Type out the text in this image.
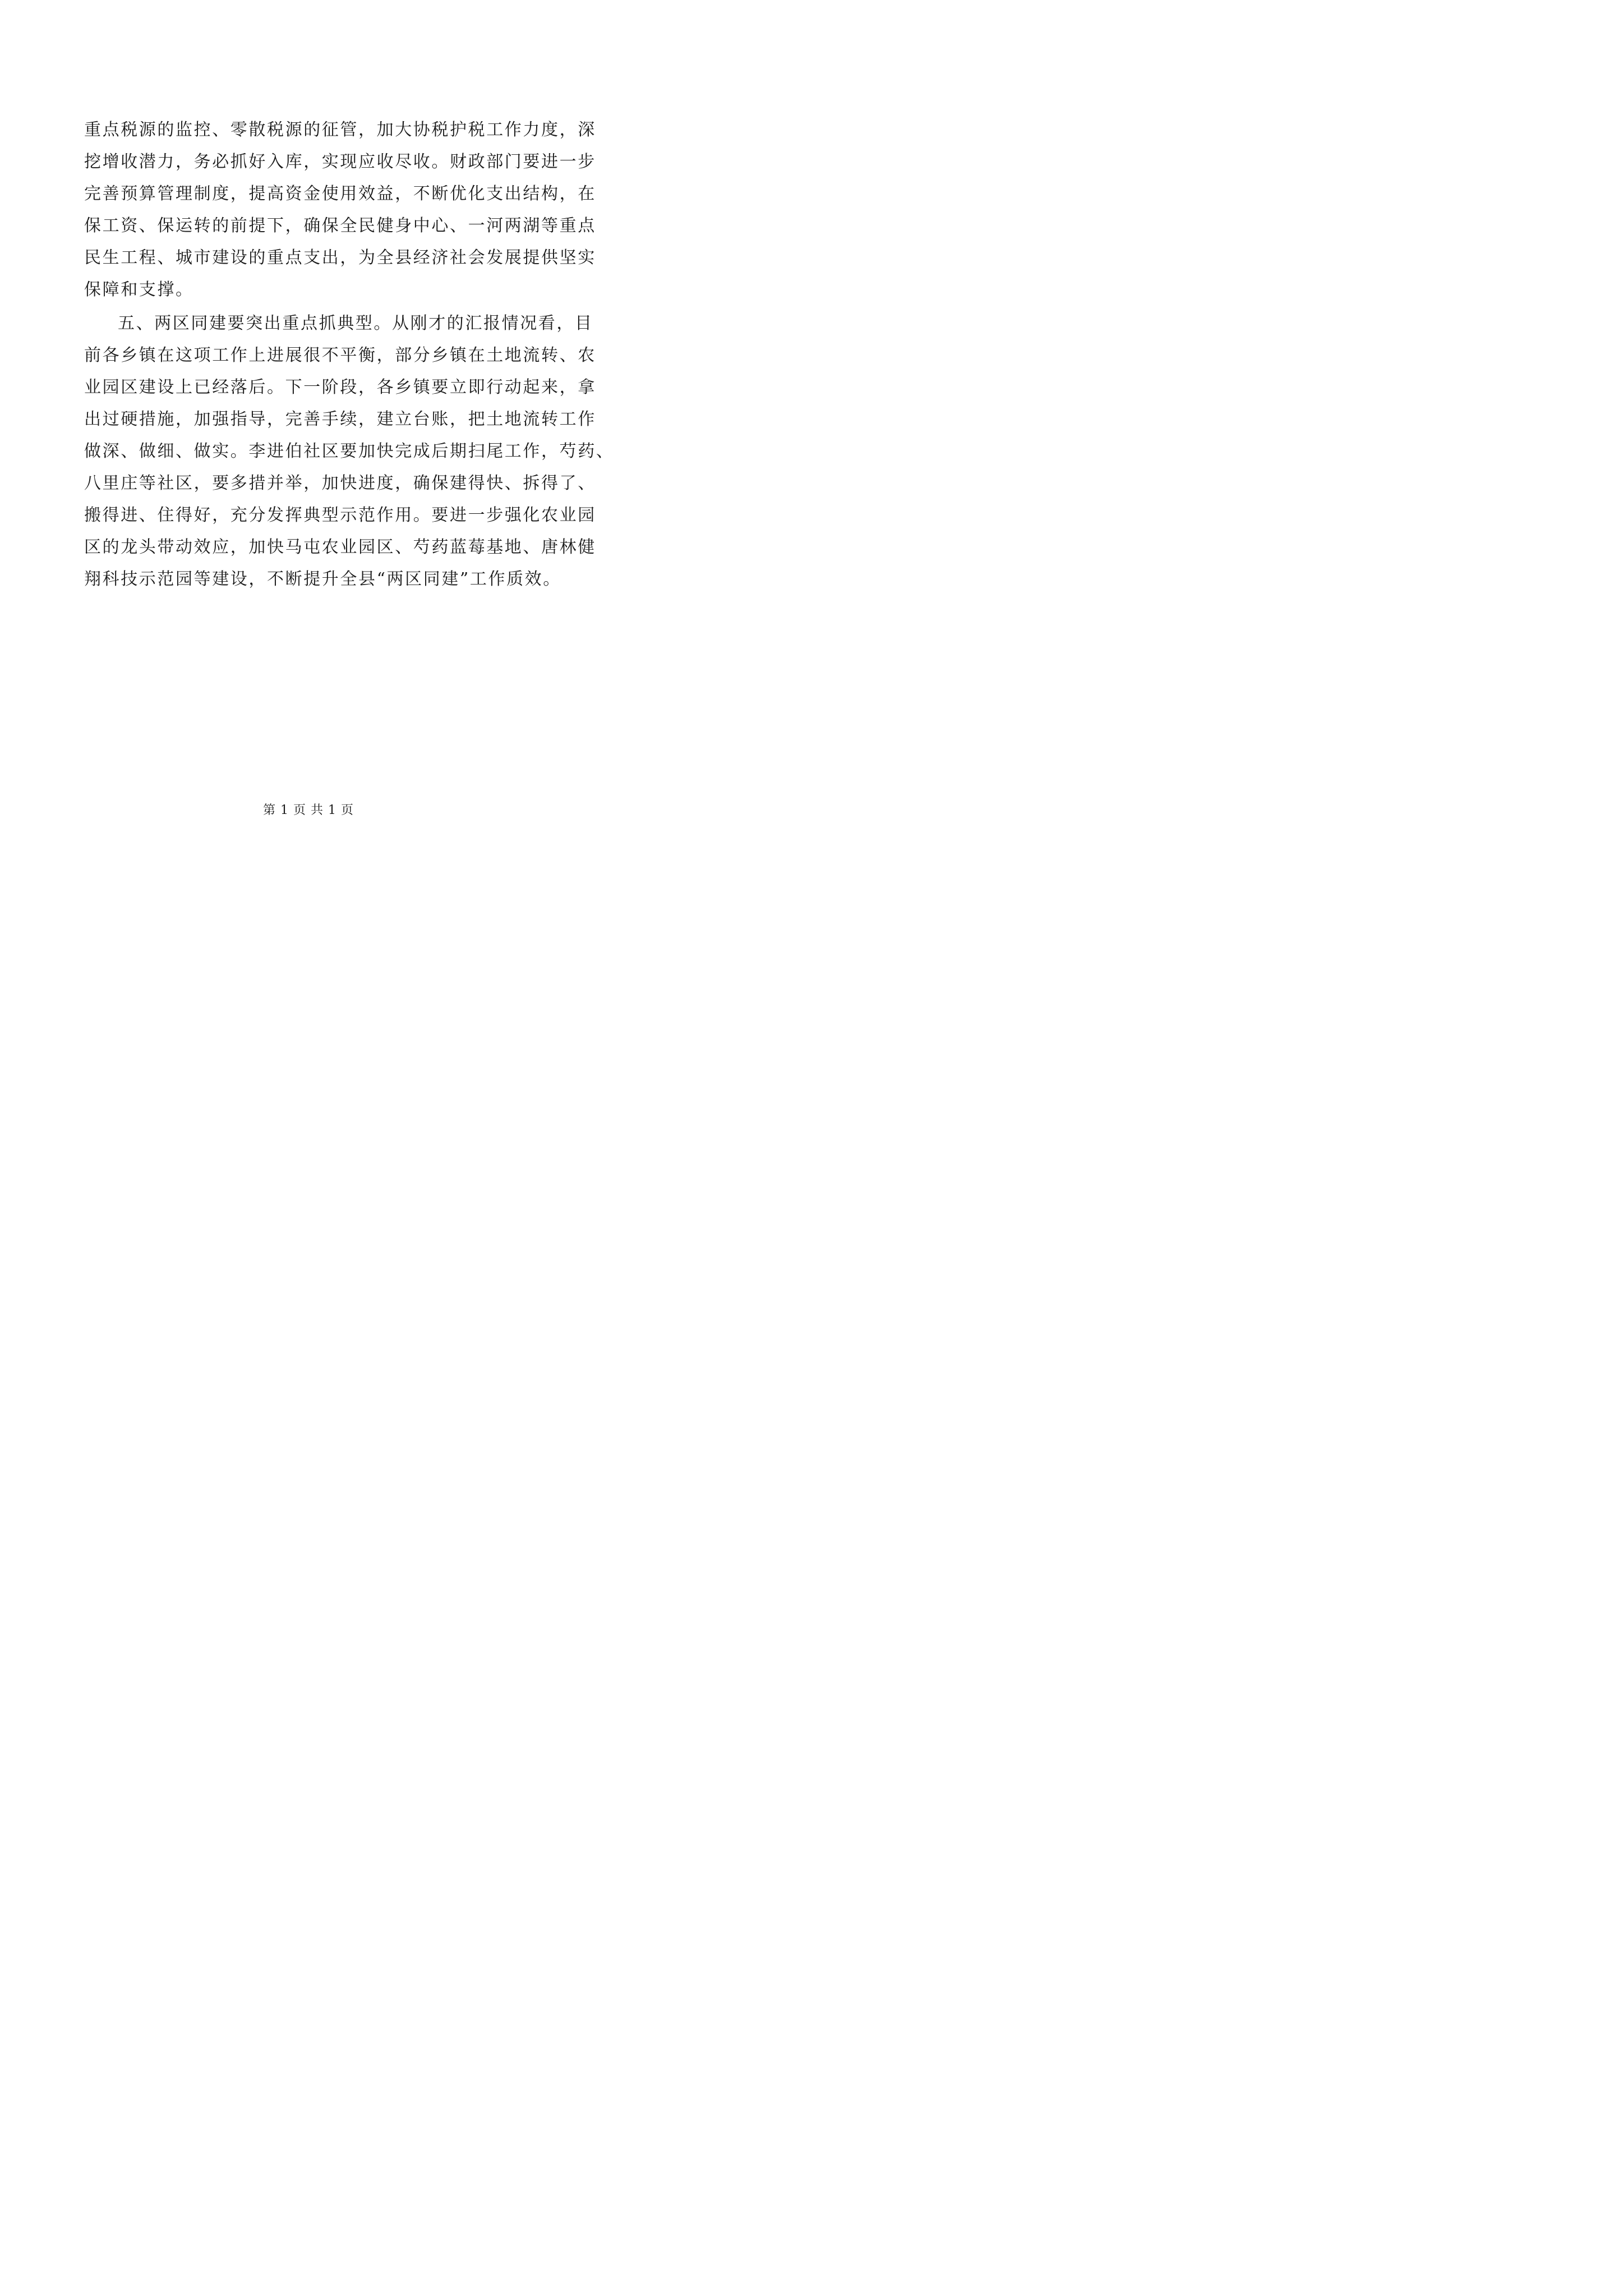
重点税源的监控、零散税源的征管，加大协税护税工作力度，深
挖增收潜力，务必抓好入库，实现应收尽收。财政部门要进一步
完善预算管理制度，提高资金使用效益，不断优化支出结构，在
保工资、保运转的前提下，确保全民健身中心、一河两湖等重点
民生工程、城市建设的重点支出，为全县经济社会发展提供坚实
保障和支撑。
五、两区同建要突出重点抓典型。从刚才的汇报情况看，目
前各乡镇在这项工作上进展很不平衡，部分乡镇在土地流转、农
业园区建设上已经落后。下一阶段，各乡镇要立即行动起来，拿
出过硬措施，加强指导，完善手续，建立台账，把土地流转工作
做深、做细、做实。李进伯社区要加快完成后期扫尾工作，芍药、
八里庄等社区，要多措并举，加快进度，确保建得快、拆得了、
搬得进、住得好，充分发挥典型示范作用。要进一步强化农业园
区的龙头带动效应，加快马屯农业园区、芍药蓝莓基地、唐林健
翔科技示范园等建设，不断提升全县“两区同建”工作质效。
第 1 页 共 1 页
